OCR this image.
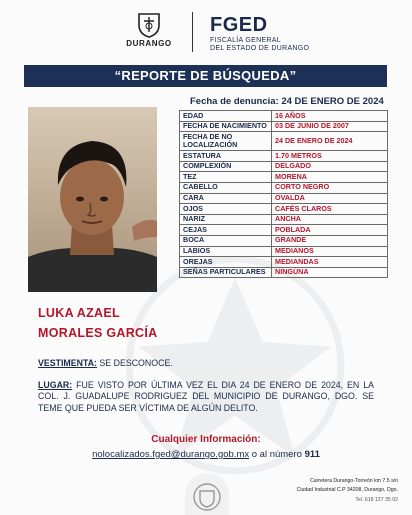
DURANGO
FGED
FISCALÍA GENERAL
DEL ESTADO DE DURANGO
“REPORTE DE BÚSQUEDA”
Fecha de denuncia: 24 DE ENERO DE 2024
EDAD	16 AÑOS
FECHA DE NACIMIENTO	03 DE JUNIO DE 2007
FECHA DE NO LOCALIZACIÓN	24 DE ENERO DE 2024
ESTATURA	1.70 METROS
COMPLEXIÓN	DELGADO
TEZ	MORENA
CABELLO	CORTO NEGRO
CARA	OVALDA
OJOS	CAFÉS CLAROS
NARIZ	ANCHA
CEJAS	POBLADA
BOCA	GRANDE
LABIOS	MEDIANOS
OREJAS	MEDIANDAS
SEÑAS PARTICULARES	NINGÚNA
LUKA AZAEL
MORALES GARCÍA
VESTIMENTA: SE DESCONOCE.
LUGAR: FUE VISTO POR ÚLTIMA VEZ EL DIA 24 DE ENERO DE 2024, EN LA COL. J. GUADALUPE RODRIGUEZ DEL MUNICIPIO DE DURANGO, DGO. SE TEME QUE PUEDA SER VÍCTIMA DE ALGÚN DELITO.
Cualquier Información:
nolocalizados.fged@durango.gob.mx o al número 911
Carretera Durango-Torreón km 7.5 s/n
Ciudad Industrial C.P 34208, Durango, Dgo.
Tel. 618 137 35 02
